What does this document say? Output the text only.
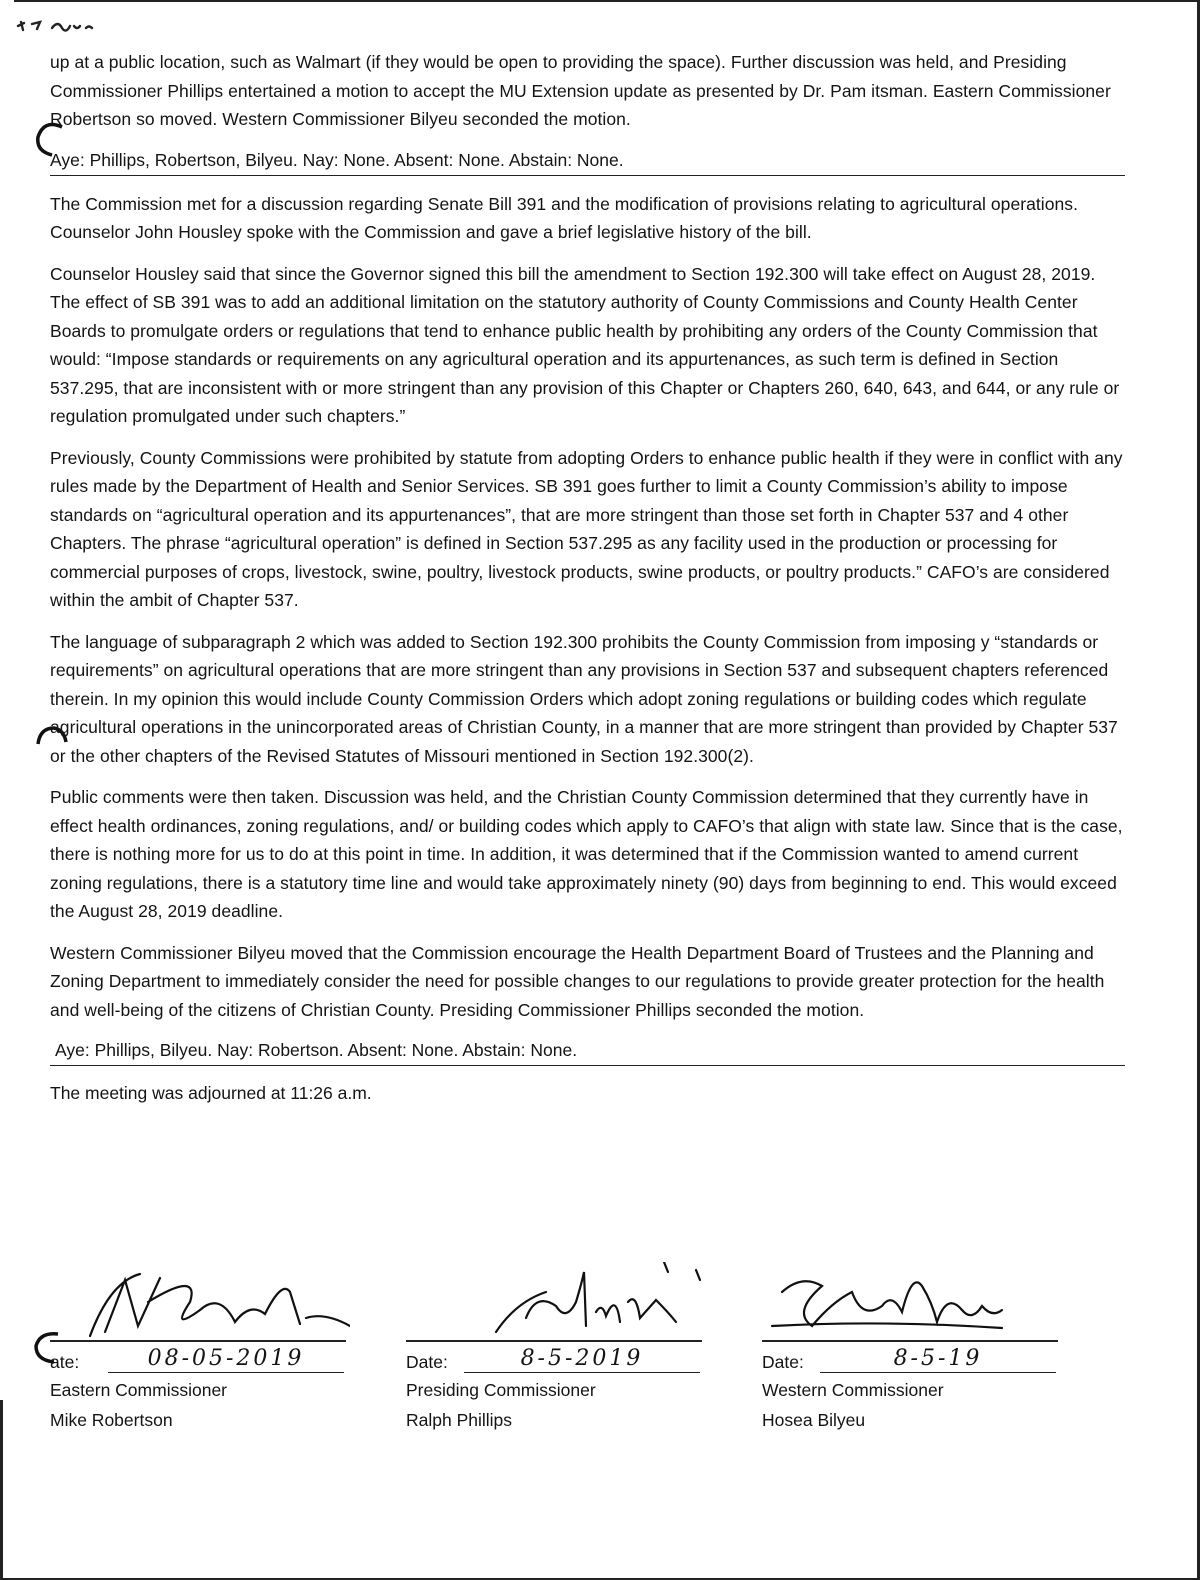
up at a public location, such as Walmart (if they would be open to providing the space). Further discussion was held, and Presiding Commissioner Phillips entertained a motion to accept the MU Extension update as presented by Dr. Pam itsman. Eastern Commissioner Robertson so moved. Western Commissioner Bilyeu seconded the motion.

Aye: Phillips, Robertson, Bilyeu. Nay: None. Absent: None. Abstain: None.

The Commission met for a discussion regarding Senate Bill 391 and the modification of provisions relating to agricultural operations. Counselor John Housley spoke with the Commission and gave a brief legislative history of the bill.

Counselor Housley said that since the Governor signed this bill the amendment to Section 192.300 will take effect on August 28, 2019. The effect of SB 391 was to add an additional limitation on the statutory authority of County Commissions and County Health Center Boards to promulgate orders or regulations that tend to enhance public health by prohibiting any orders of the County Commission that would: “Impose standards or requirements on any agricultural operation and its appurtenances, as such term is defined in Section 537.295, that are inconsistent with or more stringent than any provision of this Chapter or Chapters 260, 640, 643, and 644, or any rule or regulation promulgated under such chapters.”

Previously, County Commissions were prohibited by statute from adopting Orders to enhance public health if they were in conflict with any rules made by the Department of Health and Senior Services. SB 391 goes further to limit a County Commission’s ability to impose standards on “agricultural operation and its appurtenances”, that are more stringent than those set forth in Chapter 537 and 4 other Chapters. The phrase “agricultural operation” is defined in Section 537.295 as any facility used in the production or processing for commercial purposes of crops, livestock, swine, poultry, livestock products, swine products, or poultry products.” CAFO’s are considered within the ambit of Chapter 537.

The language of subparagraph 2 which was added to Section 192.300 prohibits the County Commission from imposing y “standards or requirements” on agricultural operations that are more stringent than any provisions in Section 537 and subsequent chapters referenced therein. In my opinion this would include County Commission Orders which adopt zoning regulations or building codes which regulate agricultural operations in the unincorporated areas of Christian County, in a manner that are more stringent than provided by Chapter 537 or the other chapters of the Revised Statutes of Missouri mentioned in Section 192.300(2).

Public comments were then taken. Discussion was held, and the Christian County Commission determined that they currently have in effect health ordinances, zoning regulations, and/ or building codes which apply to CAFO’s that align with state law. Since that is the case, there is nothing more for us to do at this point in time. In addition, it was determined that if the Commission wanted to amend current zoning regulations, there is a statutory time line and would take approximately ninety (90) days from beginning to end. This would exceed the August 28, 2019 deadline.

Western Commissioner Bilyeu moved that the Commission encourage the Health Department Board of Trustees and the Planning and Zoning Department to immediately consider the need for possible changes to our regulations to provide greater protection for the health and well-being of the citizens of Christian County. Presiding Commissioner Phillips seconded the motion.

Aye: Phillips, Bilyeu. Nay: Robertson. Absent: None. Abstain: None.

The meeting was adjourned at 11:26 a.m.

ate:	08-05-2019
Eastern Commissioner
Mike Robertson
Date:	8-5-2019
Presiding Commissioner
Ralph Phillips
Date:	8-5-19
Western Commissioner
Hosea Bilyeu
